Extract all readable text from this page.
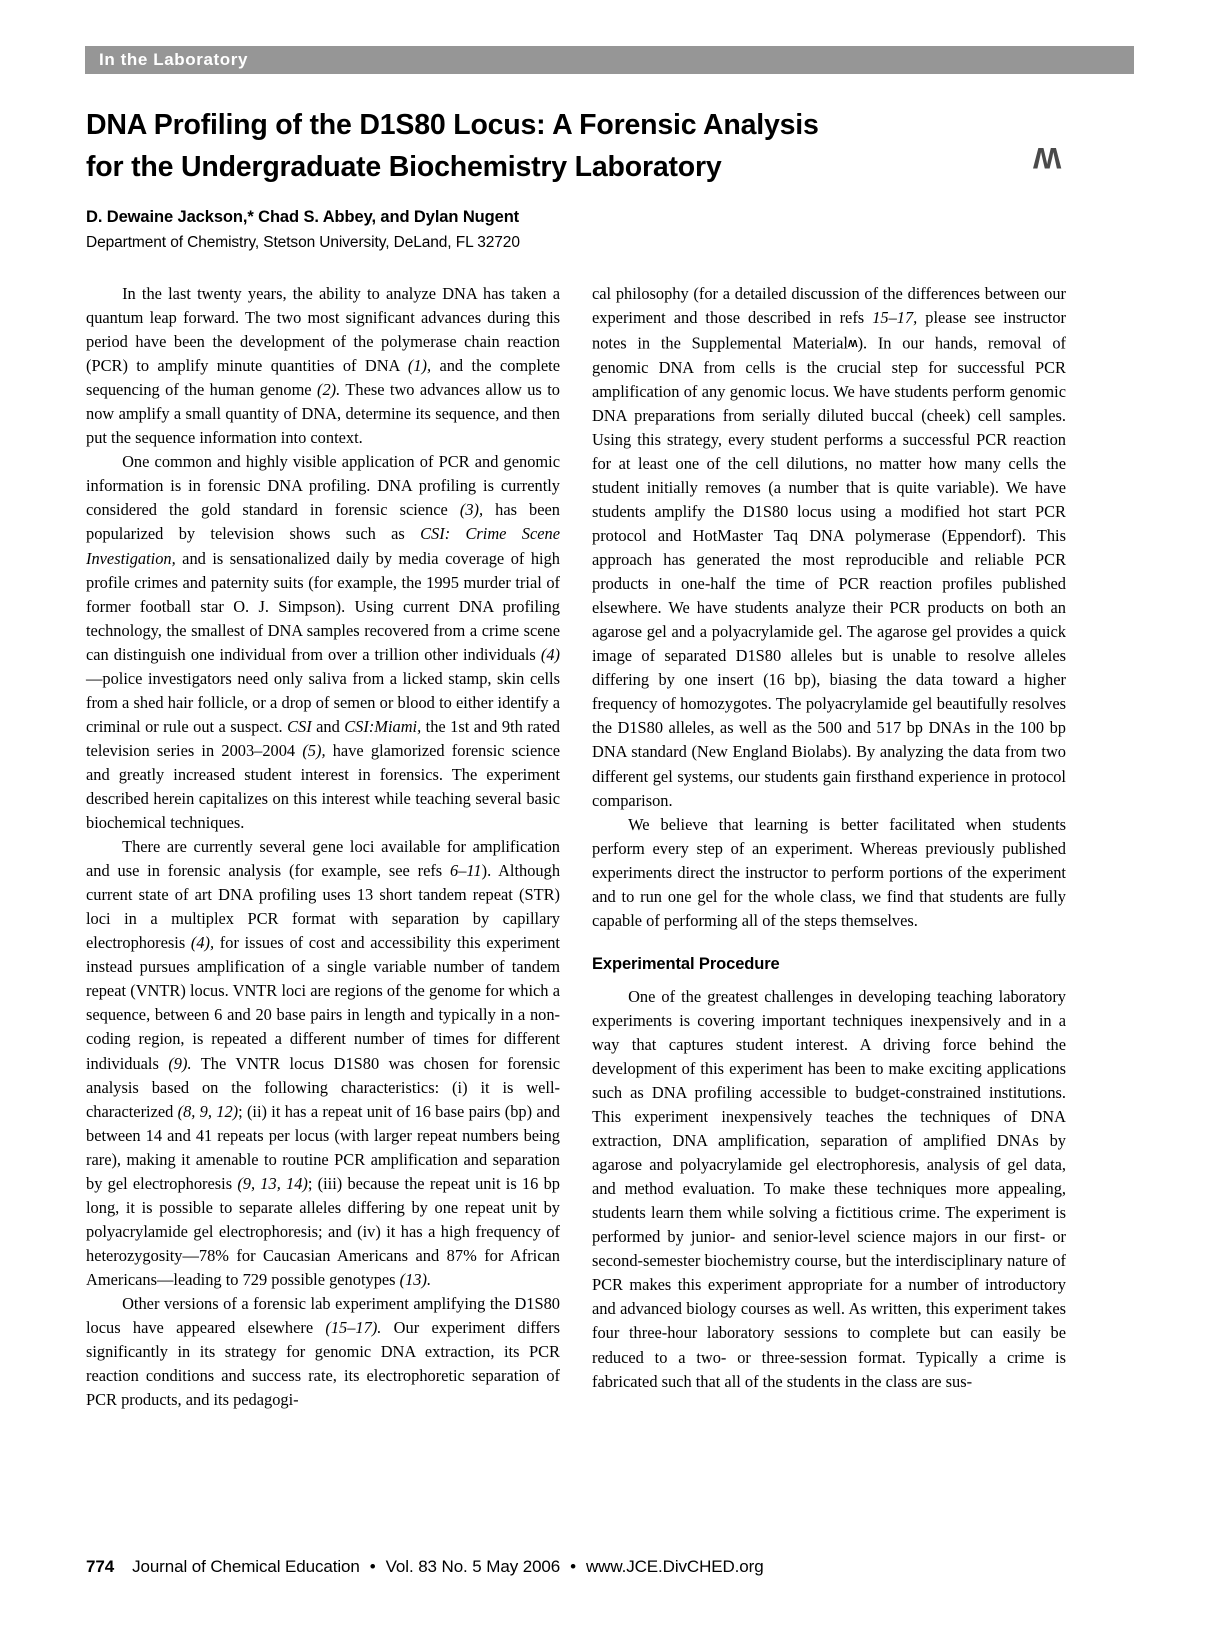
In the Laboratory
DNA Profiling of the D1S80 Locus: A Forensic Analysis
for the Undergraduate Biochemistry Laboratory	W
D. Dewaine Jackson,* Chad S. Abbey, and Dylan Nugent
Department of Chemistry, Stetson University, DeLand, FL 32720

In the last twenty years, the ability to analyze DNA has taken a quantum leap forward. The two most significant advances during this period have been the development of the polymerase chain reaction (PCR) to amplify minute quantities of DNA (1), and the complete sequencing of the human genome (2). These two advances allow us to now amplify a small quantity of DNA, determine its sequence, and then put the sequence information into context.

One common and highly visible application of PCR and genomic information is in forensic DNA profiling. DNA profiling is currently considered the gold standard in forensic science (3), has been popularized by television shows such as CSI: Crime Scene Investigation, and is sensationalized daily by media coverage of high profile crimes and paternity suits (for example, the 1995 murder trial of former football star O. J. Simpson). Using current DNA profiling technology, the smallest of DNA samples recovered from a crime scene can distinguish one individual from over a trillion other individuals (4)—police investigators need only saliva from a licked stamp, skin cells from a shed hair follicle, or a drop of semen or blood to either identify a criminal or rule out a suspect. CSI and CSI:Miami, the 1st and 9th rated television series in 2003–2004 (5), have glamorized forensic science and greatly increased student interest in forensics. The experiment described herein capitalizes on this interest while teaching several basic biochemical techniques.

There are currently several gene loci available for amplification and use in forensic analysis (for example, see refs 6–11). Although current state of art DNA profiling uses 13 short tandem repeat (STR) loci in a multiplex PCR format with separation by capillary electrophoresis (4), for issues of cost and accessibility this experiment instead pursues amplification of a single variable number of tandem repeat (VNTR) locus. VNTR loci are regions of the genome for which a sequence, between 6 and 20 base pairs in length and typically in a non-coding region, is repeated a different number of times for different individuals (9). The VNTR locus D1S80 was chosen for forensic analysis based on the following characteristics: (i) it is well-characterized (8, 9, 12); (ii) it has a repeat unit of 16 base pairs (bp) and between 14 and 41 repeats per locus (with larger repeat numbers being rare), making it amenable to routine PCR amplification and separation by gel electrophoresis (9, 13, 14); (iii) because the repeat unit is 16 bp long, it is possible to separate alleles differing by one repeat unit by polyacrylamide gel electrophoresis; and (iv) it has a high frequency of heterozygosity—78% for Caucasian Americans and 87% for African Americans—leading to 729 possible genotypes (13).

Other versions of a forensic lab experiment amplifying the D1S80 locus have appeared elsewhere (15–17). Our experiment differs significantly in its strategy for genomic DNA extraction, its PCR reaction conditions and success rate, its electrophoretic separation of PCR products, and its pedagogi-

cal philosophy (for a detailed discussion of the differences between our experiment and those described in refs 15–17, please see instructor notes in the Supplemental Material$^W$). In our hands, removal of genomic DNA from cells is the crucial step for successful PCR amplification of any genomic locus. We have students perform genomic DNA preparations from serially diluted buccal (cheek) cell samples. Using this strategy, every student performs a successful PCR reaction for at least one of the cell dilutions, no matter how many cells the student initially removes (a number that is quite variable). We have students amplify the D1S80 locus using a modified hot start PCR protocol and HotMaster Taq DNA polymerase (Eppendorf). This approach has generated the most reproducible and reliable PCR products in one-half the time of PCR reaction profiles published elsewhere. We have students analyze their PCR products on both an agarose gel and a polyacrylamide gel. The agarose gel provides a quick image of separated D1S80 alleles but is unable to resolve alleles differing by one insert (16 bp), biasing the data toward a higher frequency of homozygotes. The polyacrylamide gel beautifully resolves the D1S80 alleles, as well as the 500 and 517 bp DNAs in the 100 bp DNA standard (New England Biolabs). By analyzing the data from two different gel systems, our students gain firsthand experience in protocol comparison.

We believe that learning is better facilitated when students perform every step of an experiment. Whereas previously published experiments direct the instructor to perform portions of the experiment and to run one gel for the whole class, we find that students are fully capable of performing all of the steps themselves.

Experimental Procedure

One of the greatest challenges in developing teaching laboratory experiments is covering important techniques inexpensively and in a way that captures student interest. A driving force behind the development of this experiment has been to make exciting applications such as DNA profiling accessible to budget-constrained institutions. This experiment inexpensively teaches the techniques of DNA extraction, DNA amplification, separation of amplified DNAs by agarose and polyacrylamide gel electrophoresis, analysis of gel data, and method evaluation. To make these techniques more appealing, students learn them while solving a fictitious crime. The experiment is performed by junior- and senior-level science majors in our first- or second-semester biochemistry course, but the interdisciplinary nature of PCR makes this experiment appropriate for a number of introductory and advanced biology courses as well. As written, this experiment takes four three-hour laboratory sessions to complete but can easily be reduced to a two- or three-session format. Typically a crime is fabricated such that all of the students in the class are sus-

774 Journal of Chemical Education • Vol. 83 No. 5 May 2006 • www.JCE.DivCHED.org
